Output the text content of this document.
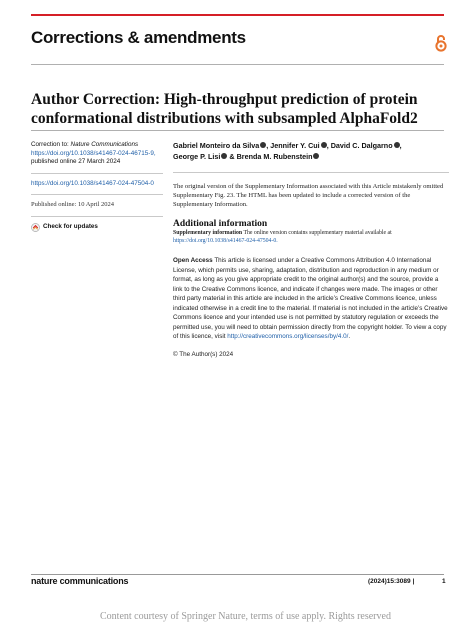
Corrections & amendments
Author Correction: High-throughput prediction of protein conformational distributions with subsampled AlphaFold2
Correction to: Nature Communications
https://doi.org/10.1038/s41467-024-46715-9,
published online 27 March 2024
https://doi.org/10.1038/s41467-024-47504-0
Published online: 10 April 2024
Check for updates
Gabriel Monteiro da Silva , Jennifer Y. Cui , David C. Dalgarno ,
George P. Lisi & Brenda M. Rubenstein
The original version of the Supplementary Information associated with this Article mistakenly omitted Supplementary Fig. 23. The HTML has been updated to include a corrected version of the Supplementary Information.
Additional information
Supplementary information The online version contains supplementary material available at https://doi.org/10.1038/s41467-024-47504-0.
Open Access This article is licensed under a Creative Commons Attribution 4.0 International License, which permits use, sharing, adaptation, distribution and reproduction in any medium or format, as long as you give appropriate credit to the original author(s) and the source, provide a link to the Creative Commons licence, and indicate if changes were made. The images or other third party material in this article are included in the article’s Creative Commons licence, unless indicated otherwise in a credit line to the material. If material is not included in the article’s Creative Commons licence and your intended use is not permitted by statutory regulation or exceeds the permitted use, you will need to obtain permission directly from the copyright holder. To view a copy of this licence, visit http://creativecommons.org/licenses/by/4.0/.
© The Author(s) 2024
nature communications	(2024)15:3089 |	1
Content courtesy of Springer Nature, terms of use apply. Rights reserved
